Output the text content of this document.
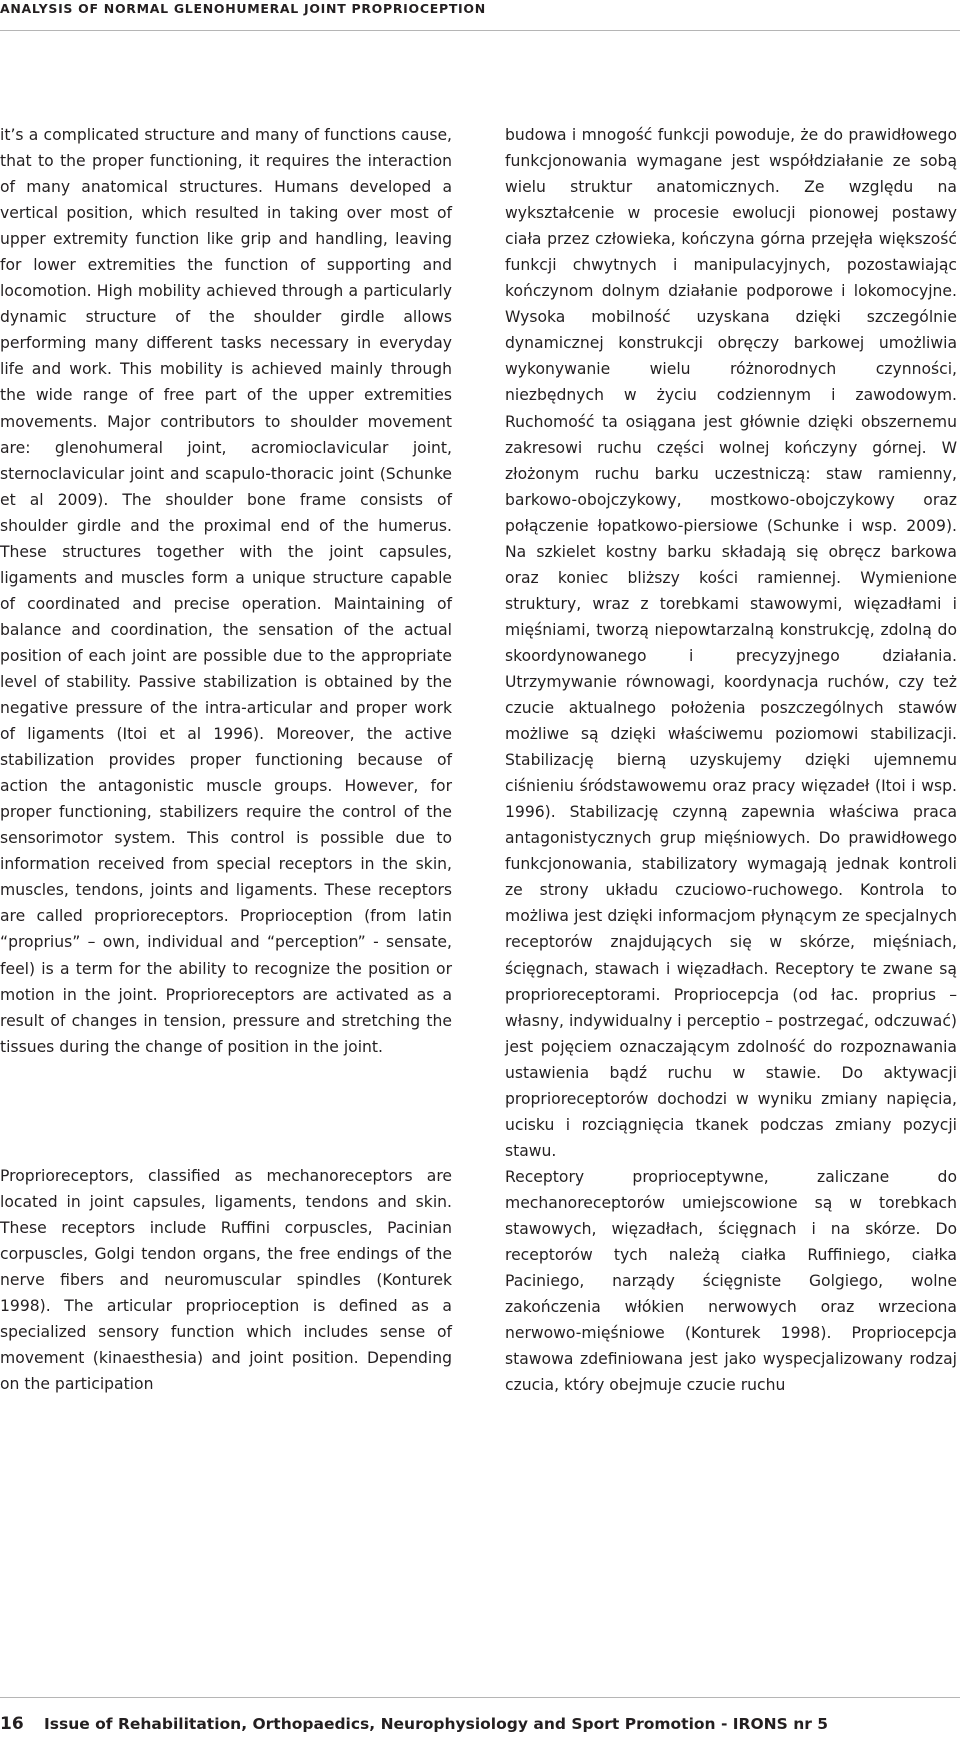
ANALYSIS OF NORMAL GLENOHUMERAL JOINT PROPRIOCEPTION

it’s a complicated structure and many of functions cause, that to the proper functioning, it requires the interaction of many anatomical structures. Humans developed a vertical position, which resulted in taking over most of upper extremity function like grip and handling, leaving for lower extremities the function of supporting and locomotion. High mobility achieved through a particularly dynamic structure of the shoulder girdle allows performing many different tasks necessary in everyday life and work. This mobility is achieved mainly through the wide range of free part of the upper extremities movements. Major contributors to shoulder movement are: glenohumeral joint, acromioclavicular joint, sternoclavicular joint and scapulo-thoracic joint (Schunke et al 2009). The shoulder bone frame consists of shoulder girdle and the proximal end of the humerus. These structures together with the joint capsules, ligaments and muscles form a unique structure capable of coordinated and precise operation. Maintaining of balance and coordination, the sensation of the actual position of each joint are possible due to the appropriate level of stability. Passive stabilization is obtained by the negative pressure of the intra-articular and proper work of ligaments (Itoi et al 1996). Moreover, the active stabilization provides proper functioning because of action the antagonistic muscle groups. However, for proper functioning, stabilizers require the control of the sensorimotor system. This control is possible due to information received from special receptors in the skin, muscles, tendons, joints and ligaments. These receptors are called proprioreceptors. Proprioception (from latin “proprius” – own, individual and “perception” - sensate, feel) is a term for the ability to recognize the position or motion in the joint. Proprioreceptors are activated as a result of changes in tension, pressure and stretching the tissues during the change of position in the joint.

Proprioreceptors, classified as mechanoreceptors are located in joint capsules, ligaments, tendons and skin. These receptors include Ruffini corpuscles, Pacinian corpuscles, Golgi tendon organs, the free endings of the nerve fibers and neuromuscular spindles (Konturek 1998). The articular proprioception is defined as a specialized sensory function which includes sense of movement (kinaesthesia) and joint position. Depending on the participation

budowa i mnogość funkcji powoduje, że do prawidłowego funkcjonowania wymagane jest współdziałanie ze sobą wielu struktur anatomicznych. Ze względu na wykształcenie w procesie ewolucji pionowej postawy ciała przez człowieka, kończyna górna przejęła większość funkcji chwytnych i manipulacyjnych, pozostawiając kończynom dolnym działanie podporowe i lokomocyjne. Wysoka mobilność uzyskana dzięki szczególnie dynamicznej konstrukcji obręczy barkowej umożliwia wykonywanie wielu różnorodnych czynności, niezbędnych w życiu codziennym i zawodowym. Ruchomość ta osiągana jest głównie dzięki obszernemu zakresowi ruchu części wolnej kończyny górnej. W złożonym ruchu barku uczestniczą: staw ramienny, barkowo-obojczykowy, mostkowo-obojczykowy oraz połączenie łopatkowo-piersiowe (Schunke i wsp. 2009). Na szkielet kostny barku składają się obręcz barkowa oraz koniec bliższy kości ramiennej. Wymienione struktury, wraz z torebkami stawowymi, więzadłami i mięśniami, tworzą niepowtarzalną konstrukcję, zdolną do skoordynowanego i precyzyjnego działania. Utrzymywanie równowagi, koordynacja ruchów, czy też czucie aktualnego położenia poszczególnych stawów możliwe są dzięki właściwemu poziomowi stabilizacji. Stabilizację bierną uzyskujemy dzięki ujemnemu ciśnieniu śródstawowemu oraz pracy więzadeł (Itoi i wsp. 1996). Stabilizację czynną zapewnia właściwa praca antagonistycznych grup mięśniowych. Do prawidłowego funkcjonowania, stabilizatory wymagają jednak kontroli ze strony układu czuciowo-ruchowego. Kontrola to możliwa jest dzięki informacjom płynącym ze specjalnych receptorów znajdujących się w skórze, mięśniach, ścięgnach, stawach i więzadłach. Receptory te zwane są proprioreceptorami. Propriocepcja (od łac. proprius – własny, indywidualny i perceptio – postrzegać, odczuwać) jest pojęciem oznaczającym zdolność do rozpoznawania ustawienia bądź ruchu w stawie. Do aktywacji proprioreceptorów dochodzi w wyniku zmiany napięcia, ucisku i rozciągnięcia tkanek podczas zmiany pozycji stawu.

Receptory proprioceptywne, zaliczane do mechanoreceptorów umiejscowione są w torebkach stawowych, więzadłach, ścięgnach i na skórze. Do receptorów tych należą ciałka Ruffiniego, ciałka Paciniego, narządy ścięgniste Golgiego, wolne zakończenia włókien nerwowych oraz wrzeciona nerwowo-mięśniowe (Konturek 1998). Propriocepcja stawowa zdefiniowana jest jako wyspecjalizowany rodzaj czucia, który obejmuje czucie ruchu

16 Issue of Rehabilitation, Orthopaedics, Neurophysiology and Sport Promotion - IRONS nr 5
